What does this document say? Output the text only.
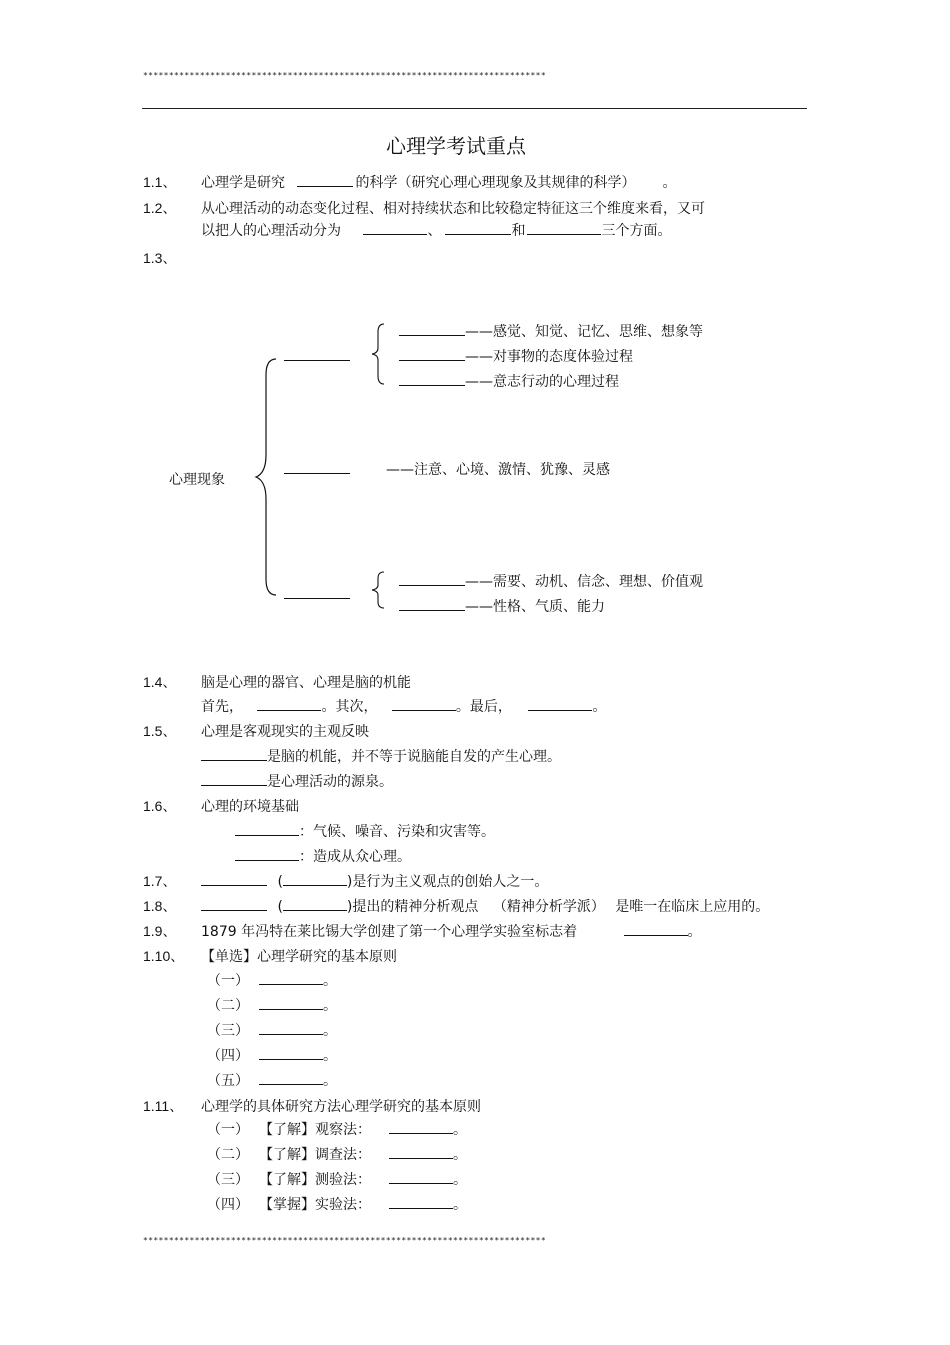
******************************************************************************
心理学考试重点
1.1、 心理学是研究	的科学（研究心理心理现象及其规律的科学） 。
1.2、 从心理活动的动态变化过程、相对持续状态和比较稳定特征这三个维度来看，又可
以把人的心理活动分为	、	和	三个方面。
1.3、
心理现象
——感觉、知觉、记忆、思维、想象等
——对事物的态度体验过程
——意志行动的心理过程
——注意、心境、激情、犹豫、灵感
——需要、动机、信念、理想、价值观
——性格、气质、能力
1.4、 脑是心理的器官、心理是脑的机能
首先，	。其次，	。最后，	。
1.5、 心理是客观现实的主观反映
是脑的机能，并不等于说脑能自发的产生心理。
是心理活动的源泉。
1.6、 心理的环境基础
：气候、噪音、污染和灾害等。
：造成从众心理。
1.7、	(	)是行为主义观点的创始人之一。
1.8、	(	)提出的精神分析观点 （精神分析学派） 是唯一在临床上应用的。
1.9、 1879 年冯特在莱比锡大学创建了第一个心理学实验室标志着	。
1.10、 【单选】心理学研究的基本原则
（一）	。
（二）	。
（三）	。
（四）	。
（五）	。
1.11、 心理学的具体研究方法心理学研究的基本原则
（一） 【了解】观察法：	。
（二） 【了解】调查法：	。
（三） 【了解】测验法：	。
（四） 【掌握】实验法：	。
******************************************************************************
